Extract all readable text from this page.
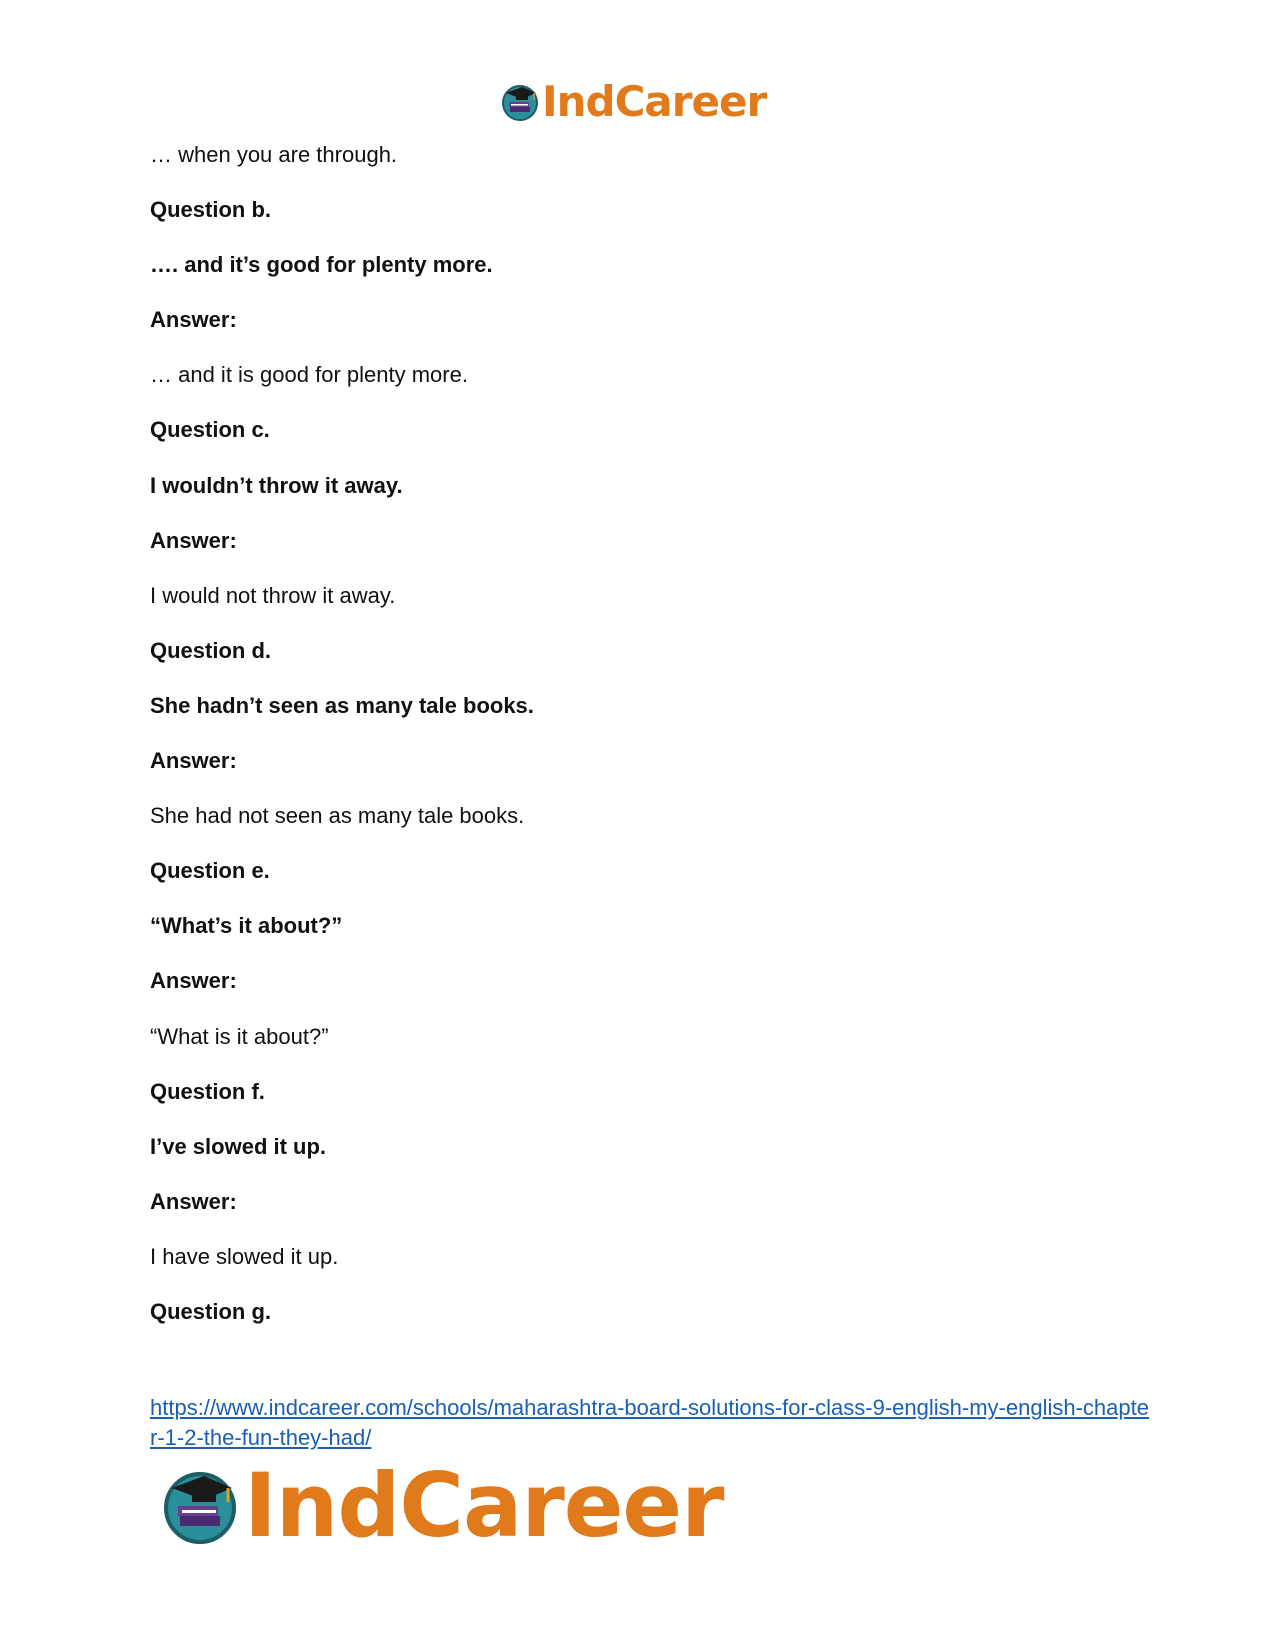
IndCareer

… when you are through.

Question b.

…. and it’s good for plenty more.

Answer:

… and it is good for plenty more.

Question c.

I wouldn’t throw it away.

Answer:

I would not throw it away.

Question d.

She hadn’t seen as many tale books.

Answer:

She had not seen as many tale books.

Question e.

“What’s it about?”

Answer:

“What is it about?”

Question f.

I’ve slowed it up.

Answer:

I have slowed it up.

Question g.

https://www.indcareer.com/schools/maharashtra-board-solutions-for-class-9-english-my-english-chapter-1-2-the-fun-they-had/
IndCareer
